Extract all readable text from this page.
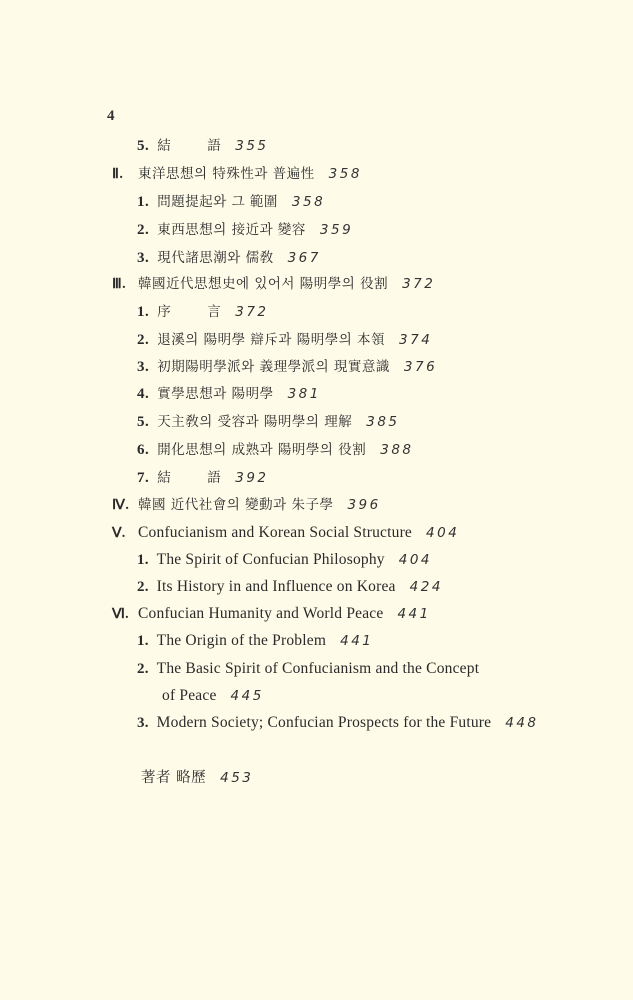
4
5. 結	語 355
Ⅱ. 東洋思想의 特殊性과 普遍性 358
1. 問題提起와 그 範圍 358
2. 東西思想의 接近과 變容 359
3. 現代諸思潮와 儒敎 367
Ⅲ. 韓國近代思想史에 있어서 陽明學의 役割 372
1. 序	言 372
2. 退溪의 陽明學 辯斥과 陽明學의 本領 374
3. 初期陽明學派와 義理學派의 現實意識 376
4. 實學思想과 陽明學 381
5. 天主敎의 受容과 陽明學의 理解 385
6. 開化思想의 成熟과 陽明學의 役割 388
7. 結	語 392
Ⅳ. 韓國 近代社會의 變動과 朱子學 396
Ⅴ. Confucianism and Korean Social Structure 404
1. The Spirit of Confucian Philosophy 404
2. Its History in and Influence on Korea 424
Ⅵ. Confucian Humanity and World Peace 441
1. The Origin of the Problem 441
2. The Basic Spirit of Confucianism and the Concept
of Peace 445
3. Modern Society; Confucian Prospects for the Future 448
著者 略歷 453
